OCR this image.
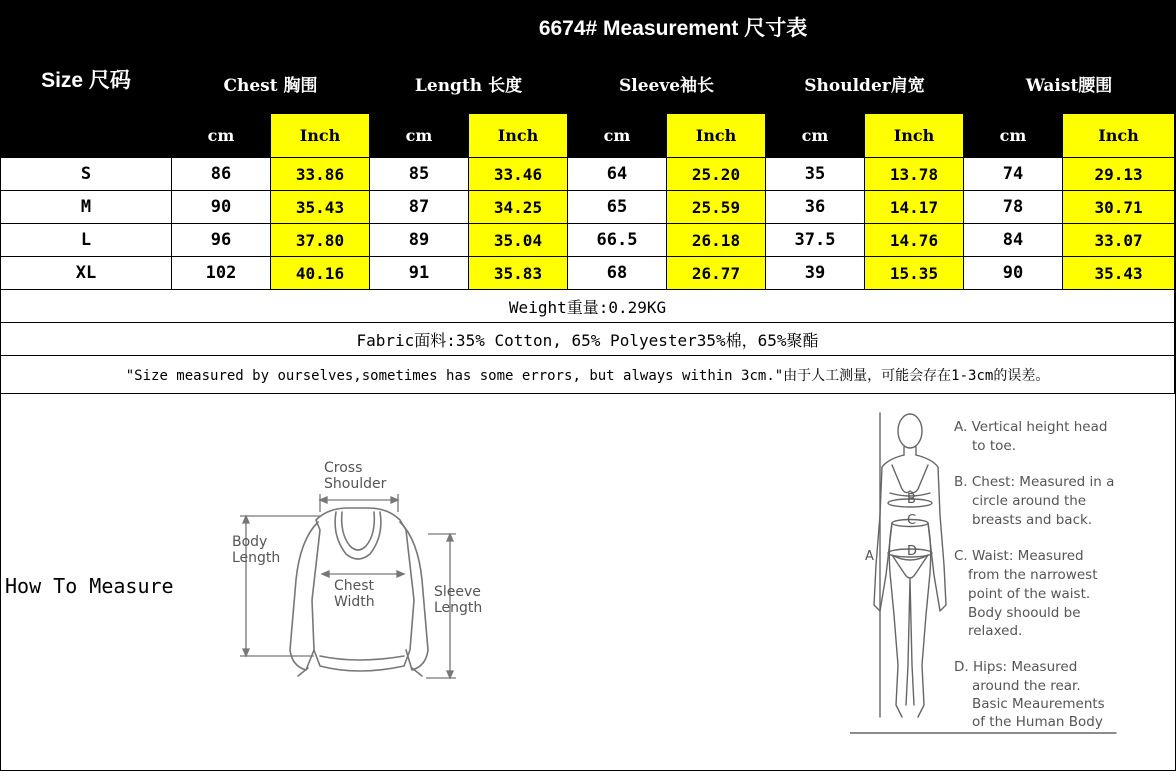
Size 尺码	6674# Measurement 尺寸表									
	Chest 胸围		Length 长度		Sleeve袖长		Shoulder肩宽		Waist腰围	
	cm	Inch	cm	Inch	cm	Inch	cm	Inch	cm	Inch
S	86	33.86	85	33.46	64	25.20	35	13.78	74	29.13
M	90	35.43	87	34.25	65	25.59	36	14.17	78	30.71
L	96	37.80	89	35.04	66.5	26.18	37.5	14.76	84	33.07
XL	102	40.16	91	35.83	68	26.77	39	15.35	90	35.43
Weight重量:0.29KG										
Fabric面料:35% Cotton, 65% Polyester35%棉，65%聚酯										
"Size measured by ourselves,sometimes has some errors, but always within 3cm."由于人工测量，可能会存在1-3cm的误差。										
How To Measure
Cross Shoulder
Body Length
Chest Width
Sleeve Length
B
C
D
A
A. Vertical height head to toe.
B. Chest: Measured in a circle around the breasts and back.
C. Waist: Measured from the narrowest point of the waist. Body shoould be relaxed.
D. Hips: Measured around the rear. Basic Meaurements of the Human Body
